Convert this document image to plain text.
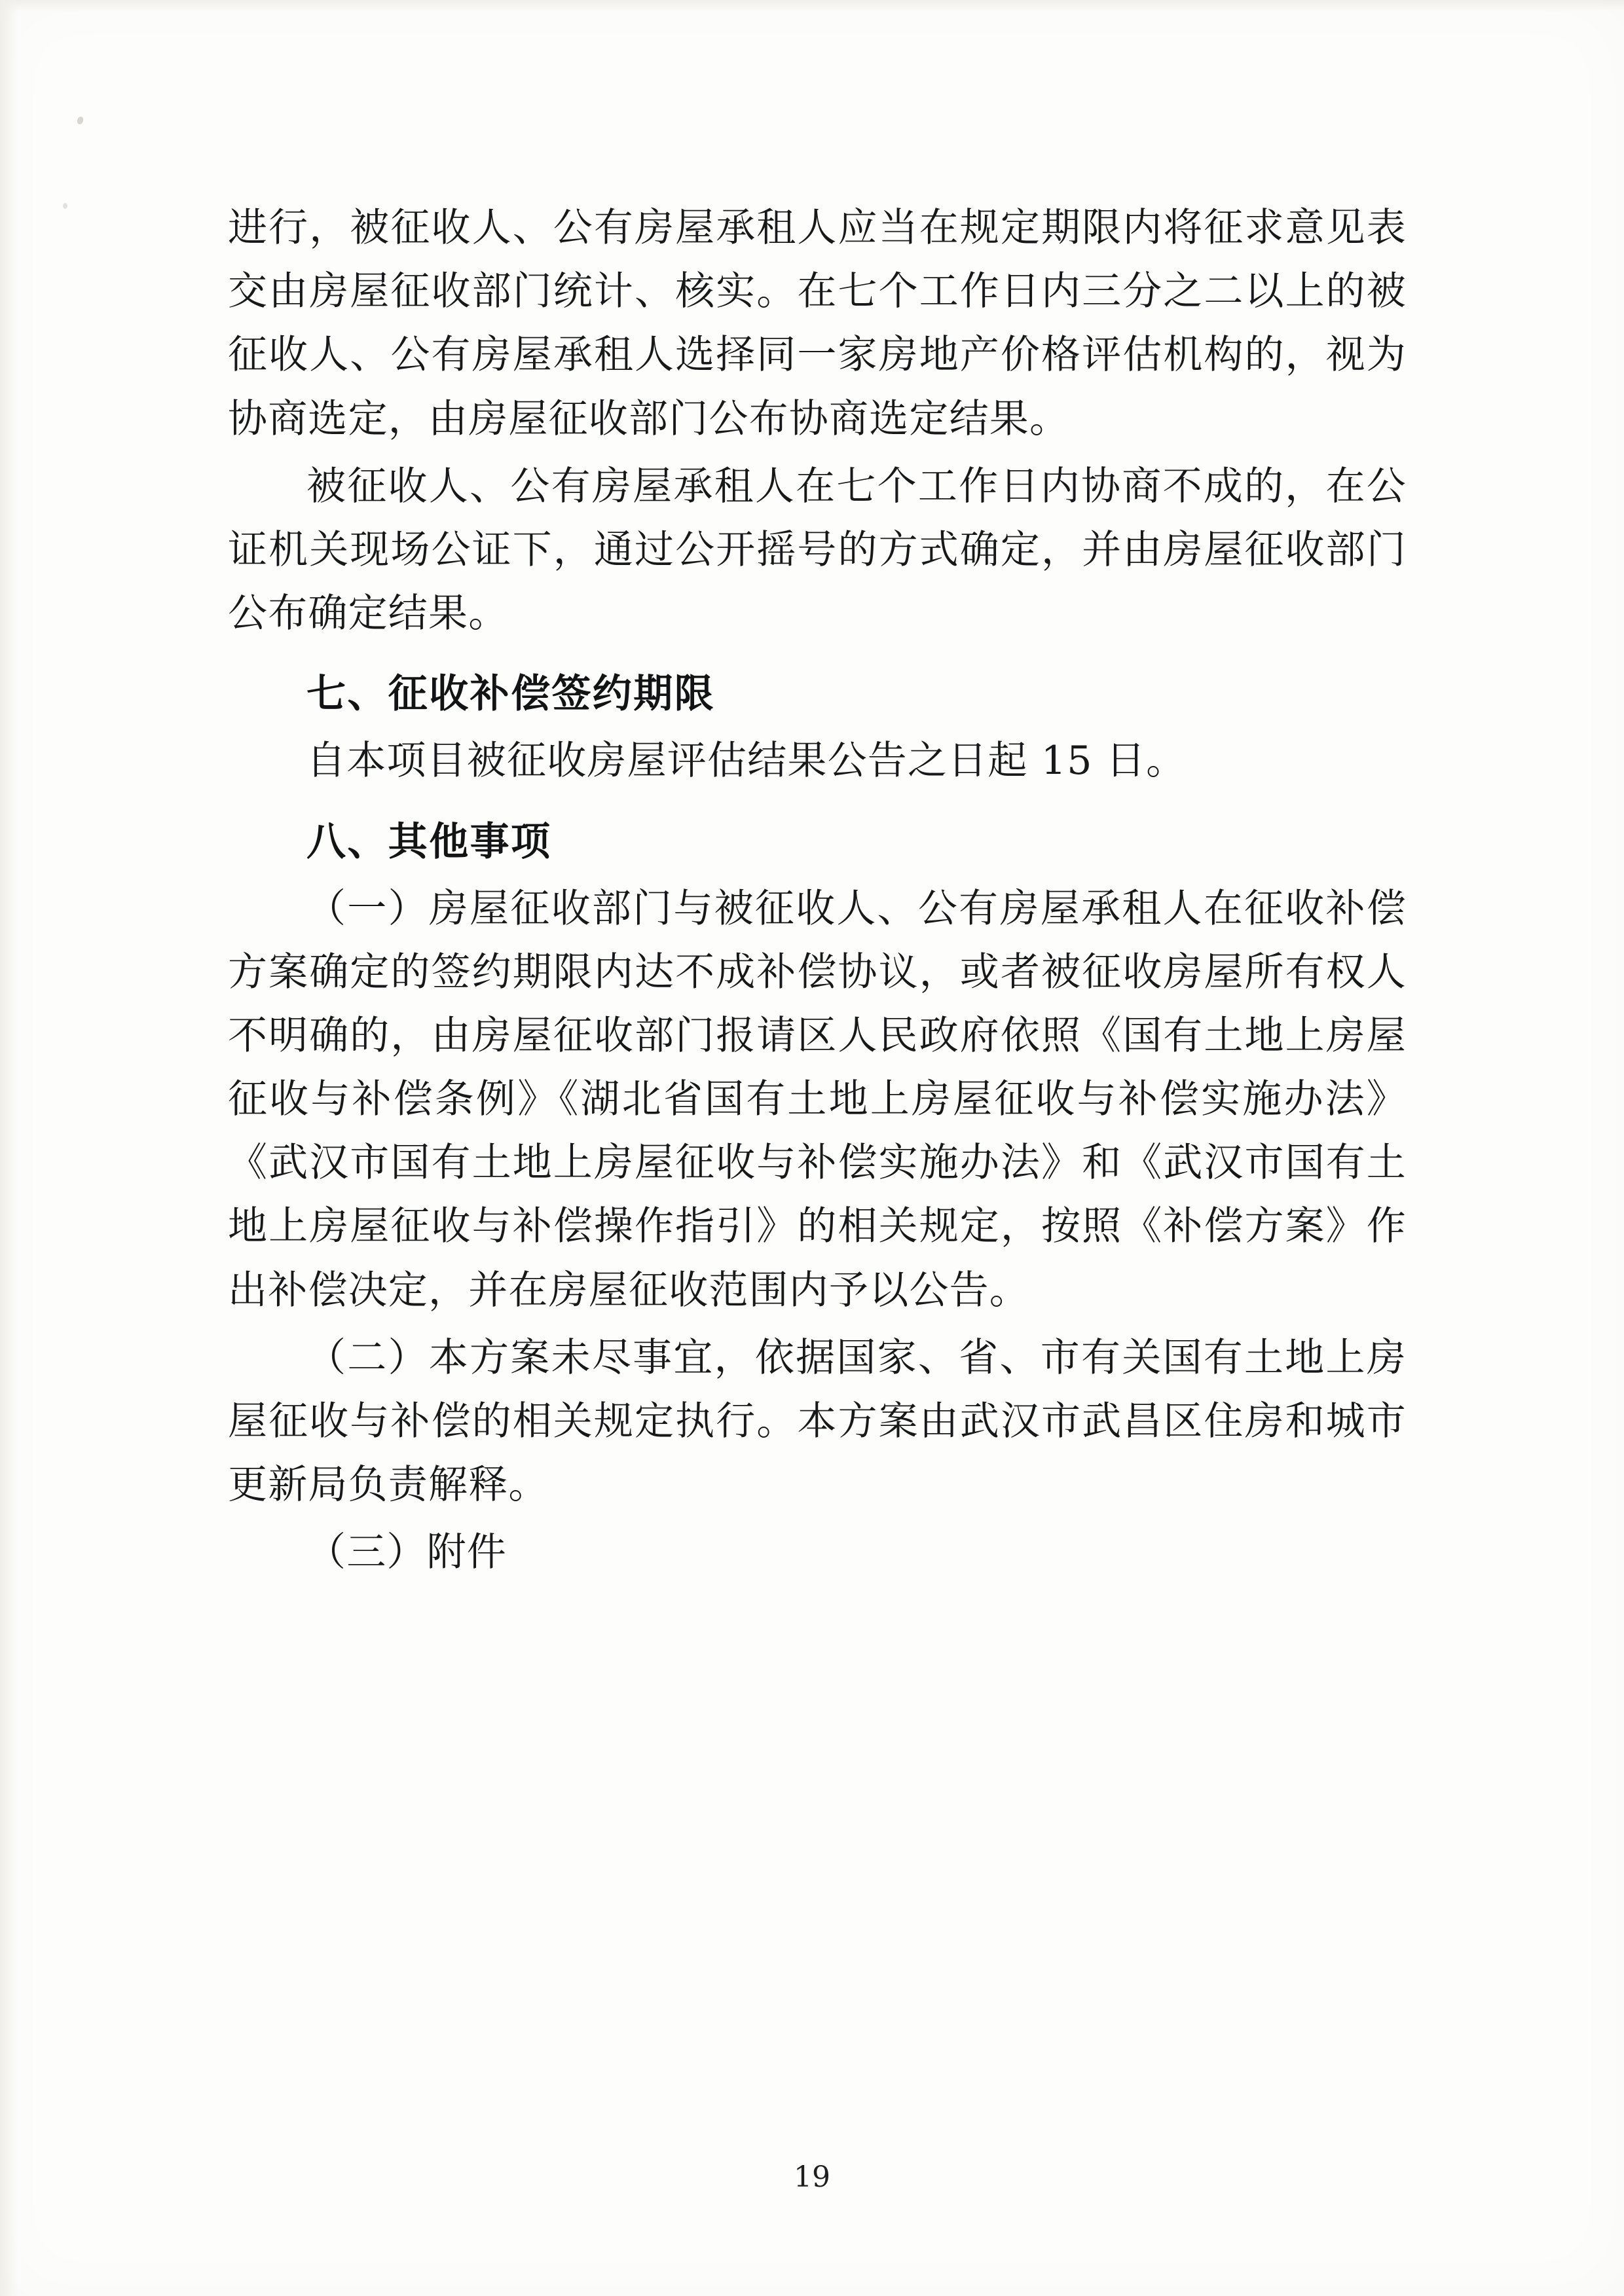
进行，被征收人、公有房屋承租人应当在规定期限内将征求意见表交由房屋征收部门统计、核实。在七个工作日内三分之二以上的被征收人、公有房屋承租人选择同一家房地产价格评估机构的，视为协商选定，由房屋征收部门公布协商选定结果。

被征收人、公有房屋承租人在七个工作日内协商不成的，在公证机关现场公证下，通过公开摇号的方式确定，并由房屋征收部门公布确定结果。

七、征收补偿签约期限

自本项目被征收房屋评估结果公告之日起 15 日。

八、其他事项

（一）房屋征收部门与被征收人、公有房屋承租人在征收补偿方案确定的签约期限内达不成补偿协议，或者被征收房屋所有权人不明确的，由房屋征收部门报请区人民政府依照《国有土地上房屋征收与补偿条例》《湖北省国有土地上房屋征收与补偿实施办法》《武汉市国有土地上房屋征收与补偿实施办法》和《武汉市国有土地上房屋征收与补偿操作指引》的相关规定，按照《补偿方案》作出补偿决定，并在房屋征收范围内予以公告。

（二）本方案未尽事宜，依据国家、省、市有关国有土地上房屋征收与补偿的相关规定执行。本方案由武汉市武昌区住房和城市更新局负责解释。

（三）附件

19
